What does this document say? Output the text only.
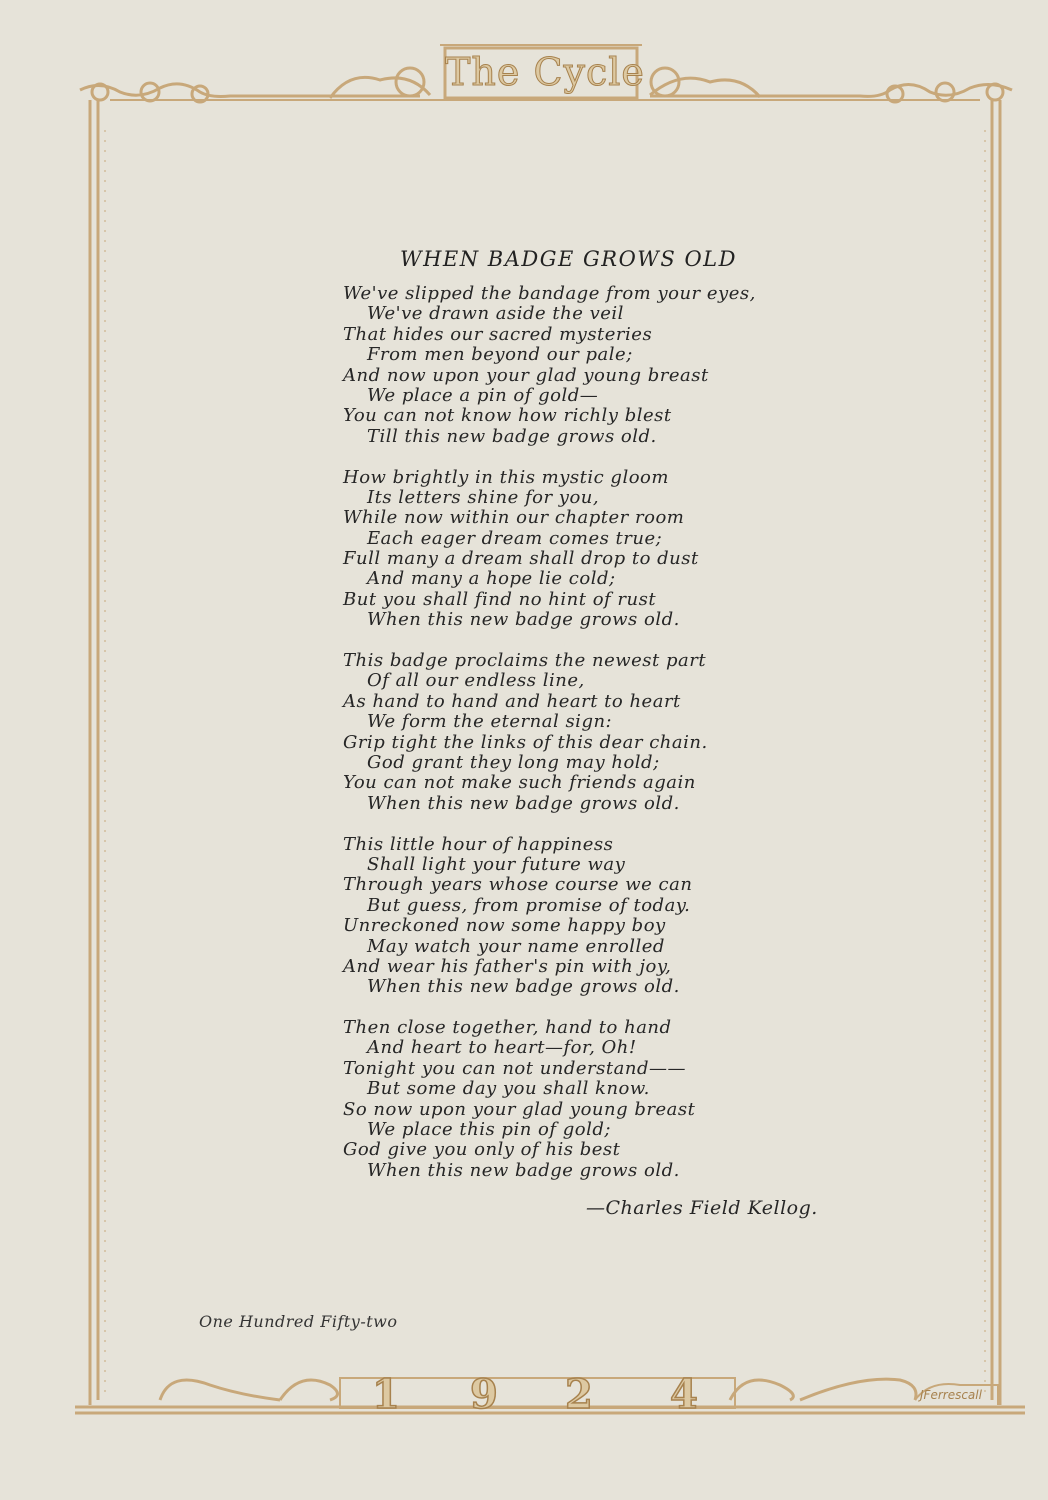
The Cycle
1 9 2 4	JFerrescall
WHEN BADGE GROWS OLD
We've slipped the bandage from your eyes,
We've drawn aside the veil
That hides our sacred mysteries
From men beyond our pale;
And now upon your glad young breast
We place a pin of gold—
You can not know how richly blest
Till this new badge grows old.
How brightly in this mystic gloom
Its letters shine for you,
While now within our chapter room
Each eager dream comes true;
Full many a dream shall drop to dust
And many a hope lie cold;
But you shall find no hint of rust
When this new badge grows old.
This badge proclaims the newest part
Of all our endless line,
As hand to hand and heart to heart
We form the eternal sign:
Grip tight the links of this dear chain.
God grant they long may hold;
You can not make such friends again
When this new badge grows old.
This little hour of happiness
Shall light your future way
Through years whose course we can
But guess, from promise of today.
Unreckoned now some happy boy
May watch your name enrolled
And wear his father's pin with joy,
When this new badge grows old.
Then close together, hand to hand
And heart to heart—for, Oh!
Tonight you can not understand——
But some day you shall know.
So now upon your glad young breast
We place this pin of gold;
God give you only of his best
When this new badge grows old.
—Charles Field Kellog.
One Hundred Fifty-two
